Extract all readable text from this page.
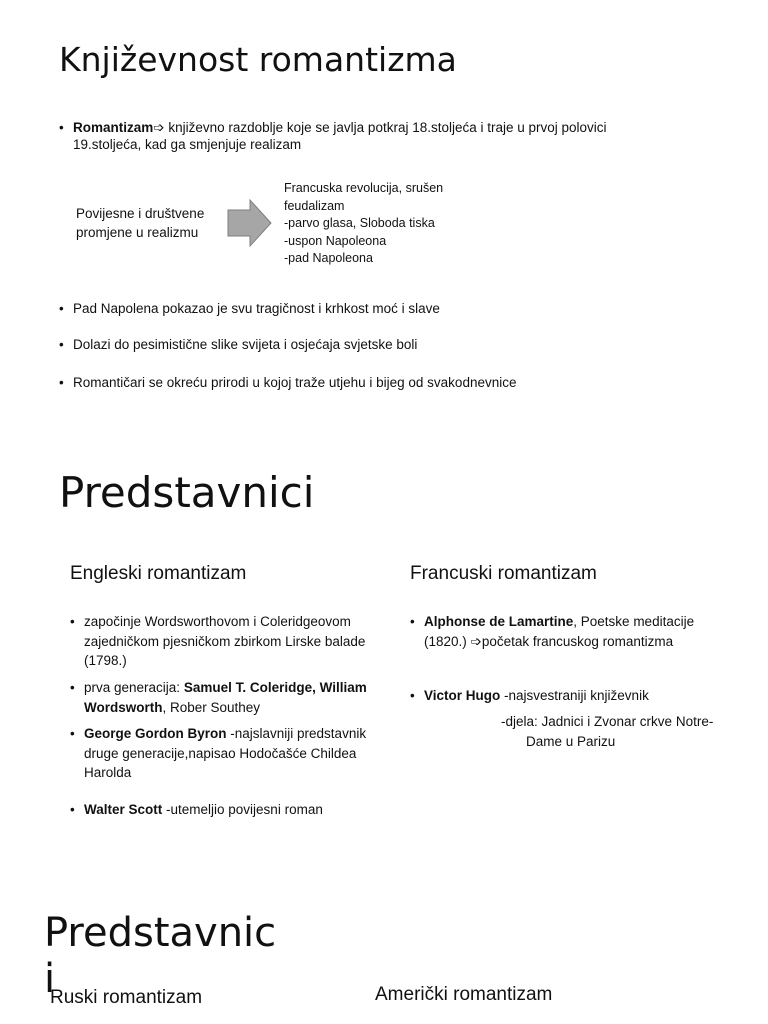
Književnost romantizma
• Romantizam➩ književno razdoblje koje se javlja potkraj 18.stoljeća i traje u prvoj polovici
19.stoljeća, kad ga smjenjuje realizam
Povijesne i društvene promjene u realizmu
Francuska revolucija, srušen
feudalizam
-parvo glasa, Sloboda tiska
-uspon Napoleona
-pad Napoleona
• Pad Napolena pokazao je svu tragičnost i krhkost moć i slave
• Dolazi do pesimistične slike svijeta i osjećaja svjetske boli
• Romantičari se okreću prirodi u kojoj traže utjehu i bijeg od svakodnevnice
Predstavnici
Engleski romantizam	Francuski romantizam
• započinje Wordsworthovom i Coleridgeovom zajedničkom pjesničkom zbirkom Lirske balade (1798.)
• prva generacija: Samuel T. Coleridge, William Wordsworth, Rober Southey
• George Gordon Byron -najslavniji predstavnik druge generacije,napisao Hodočašće Childea Harolda
• Walter Scott -utemeljio povijesni roman
• Alphonse de Lamartine, Poetske meditacije (1820.) ➩početak francuskog romantizma
• Victor Hugo -najsvestraniji književnik
-djela: Jadnici i Zvonar crkve Notre-
Dame u Parizu
Predstavnici
Ruski romantizam	Američki romantizam
